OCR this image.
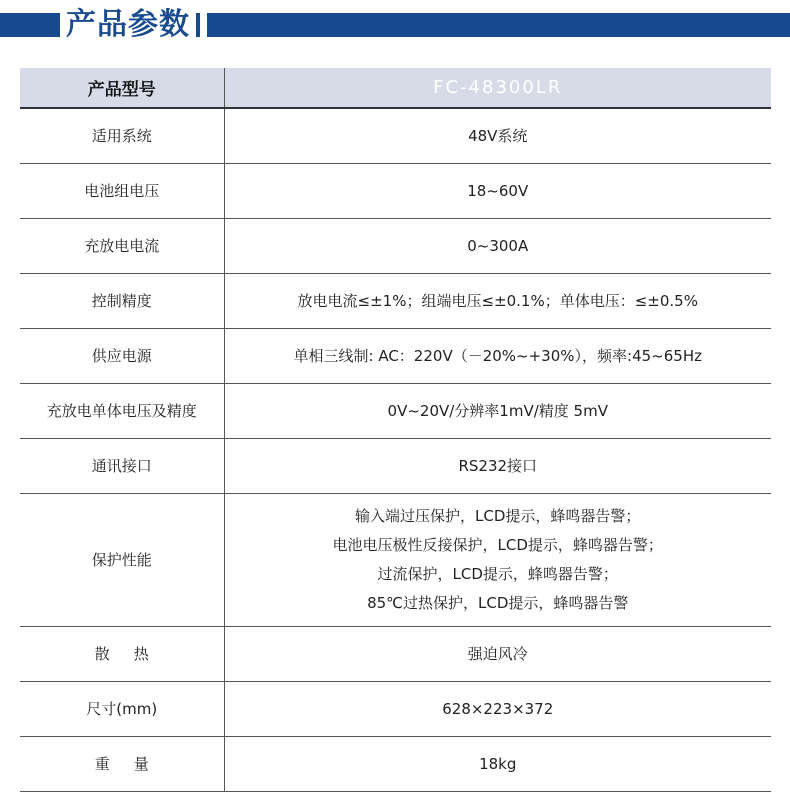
产品参数
产品型号	FC-48300LR
适用系统	48V系统
电池组电压	18~60V
充放电电流	0~300A
控制精度	放电电流≤±1%；组端电压≤±0.1%；单体电压：≤±0.5%
供应电源	单相三线制: AC：220V（－20%~+30%），频率:45~65Hz
充放电单体电压及精度	0V~20V/分辨率1mV/精度 5mV
通讯接口	RS232接口
保护性能	输入端过压保护，LCD提示，蜂鸣器告警；
电池电压极性反接保护，LCD提示，蜂鸣器告警；
过流保护，LCD提示，蜂鸣器告警；
85℃过热保护，LCD提示，蜂鸣器告警

散热	强迫风冷
尺寸(mm)	628×223×372
重量	18kg
